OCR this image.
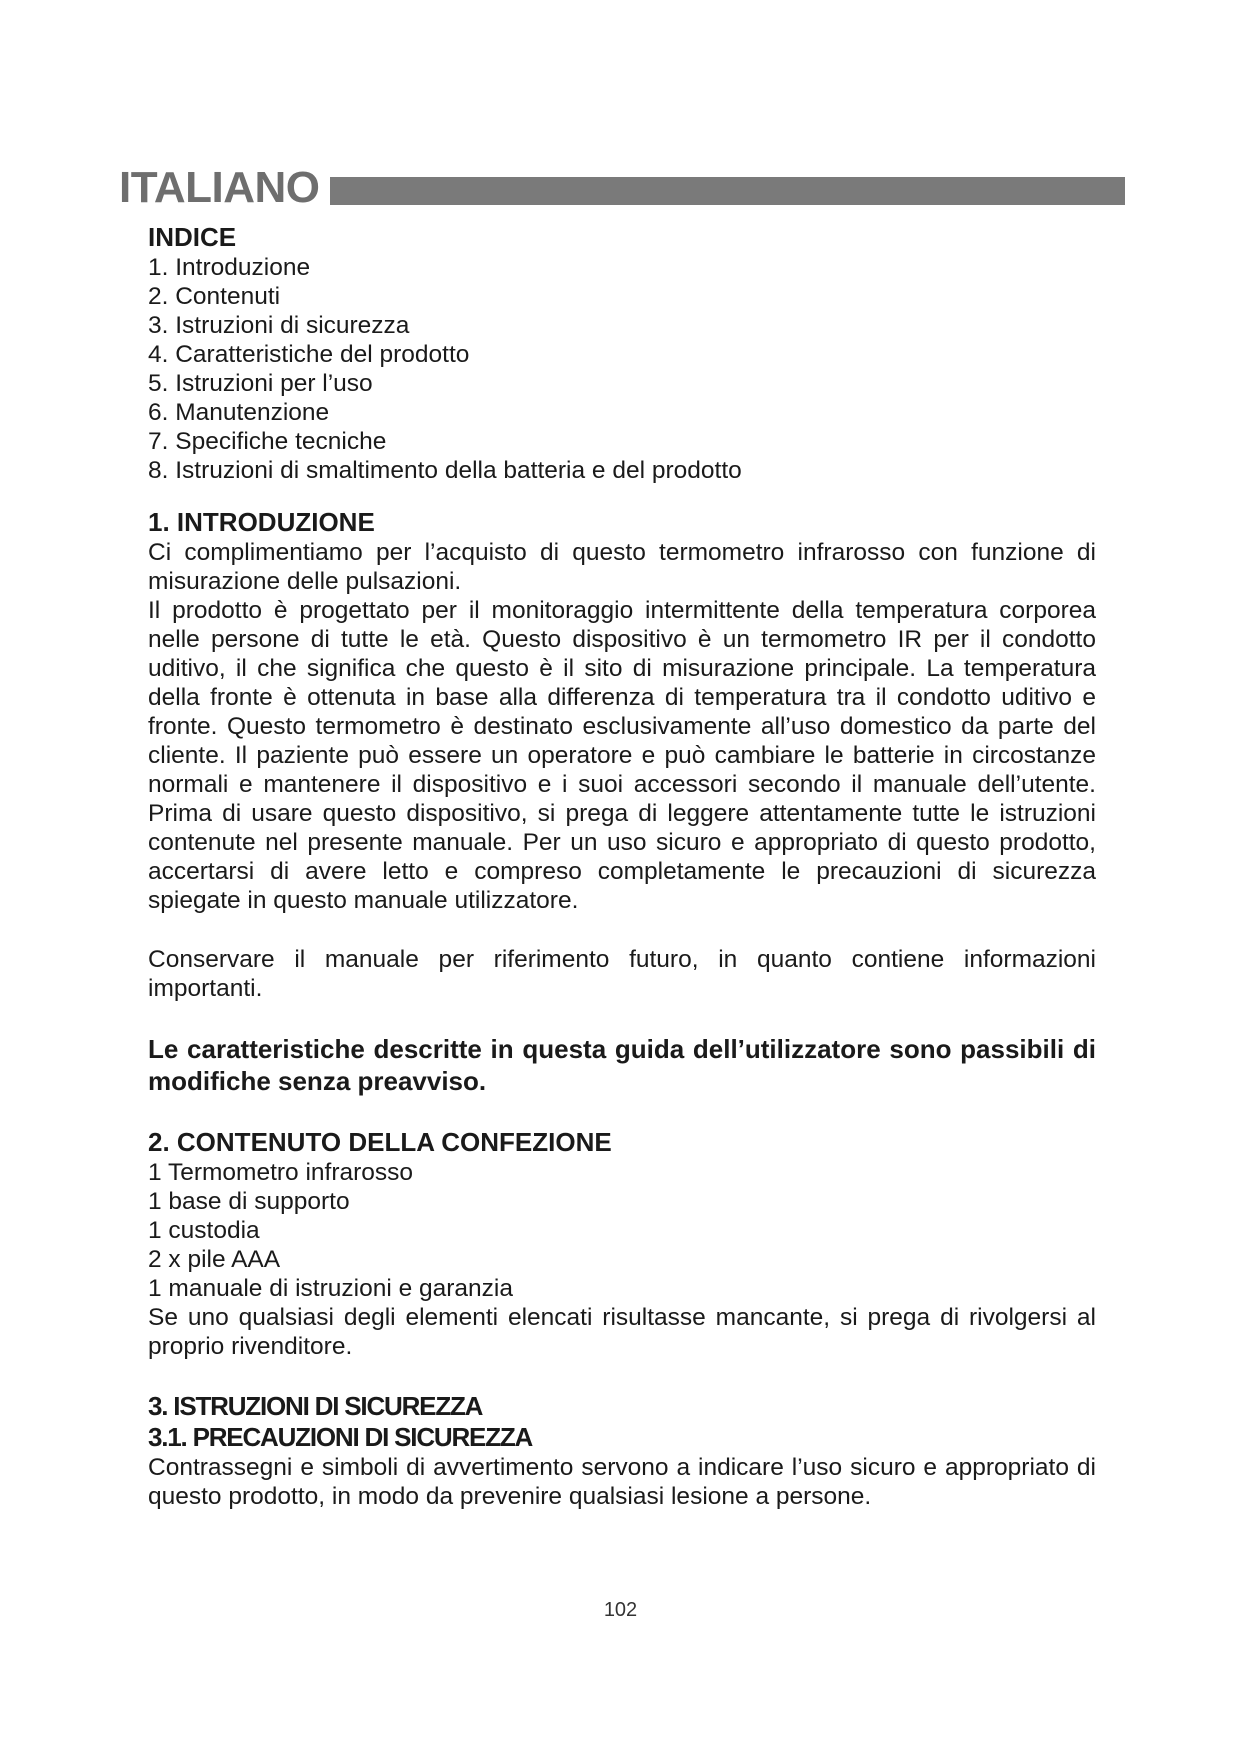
ITALIANO

INDICE

1. Introduzione

2. Contenuti

3. Istruzioni di sicurezza

4. Caratteristiche del prodotto

5. Istruzioni per l’uso

6. Manutenzione

7. Specifiche tecniche

8. Istruzioni di smaltimento della batteria e del prodotto

1. INTRODUZIONE

Ci complimentiamo per l’acquisto di questo termometro infrarosso con funzione di misurazione delle pulsazioni.

Il prodotto è progettato per il monitoraggio intermittente della temperatura corporea nelle persone di tutte le età. Questo dispositivo è un termometro IR per il condotto uditivo, il che significa che questo è il sito di misurazione principale. La temperatura della fronte è ottenuta in base alla differenza di temperatura tra il condotto uditivo e fronte. Questo termometro è destinato esclusivamente all’uso domestico da parte del cliente. Il paziente può essere un operatore e può cambiare le batterie in circostanze normali e mantenere il dispositivo e i suoi accessori secondo il manuale dell’utente. Prima di usare questo dispositivo, si prega di leggere attentamente tutte le istruzioni contenute nel presente manuale. Per un uso sicuro e appropriato di questo prodotto, accertarsi di avere letto e compreso completamente le precauzioni di sicurezza spiegate in questo manuale utilizzatore.

Conservare il manuale per riferimento futuro, in quanto contiene informazioni importanti.

Le caratteristiche descritte in questa guida dell’utilizzatore sono passibili di modifiche senza preavviso.

2. CONTENUTO DELLA CONFEZIONE

1 Termometro infrarosso

1 base di supporto

1 custodia

2 x pile AAA

1 manuale di istruzioni e garanzia

Se uno qualsiasi degli elementi elencati risultasse mancante, si prega di rivolgersi al proprio rivenditore.

3. ISTRUZIONI DI SICUREZZA

3.1. PRECAUZIONI DI SICUREZZA

Contrassegni e simboli di avvertimento servono a indicare l’uso sicuro e appropriato di questo prodotto, in modo da prevenire qualsiasi lesione a persone.

102
